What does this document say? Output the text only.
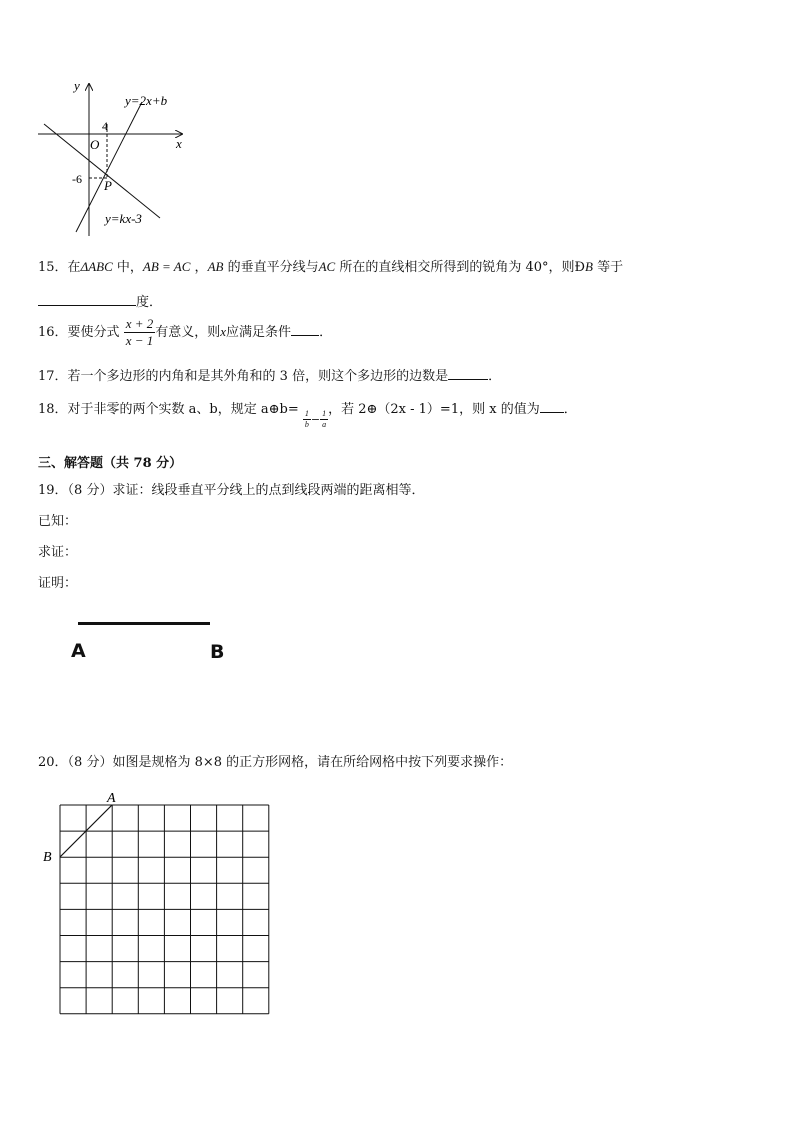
y
x
O
4
-6 P
y=2x+b
y=kx-3
15．在ΔABC 中，AB = AC ，AB 的垂直平分线与AC 所在的直线相交所得到的锐角为 40°，则ÐB 等于
度．
16．要使分式 $\frac{x + 2}{x - 1}$ 有意义，则x应满足条件 ．
17．若一个多边形的内角和是其外角和的 3 倍，则这个多边形的边数是	．
18．对于非零的两个实数 a、b，规定 a⊕b= $\frac{1}{b} _- \frac{1}{a}$ ，若 2⊕（2x - 1）=1，则 x 的值为 ．
三、解答题（共 78 分）
19．（8 分）求证：线段垂直平分线上的点到线段两端的距离相等．
已知：
求证：
证明：
A	B
20．（8 分）如图是规格为 8×8 的正方形网格，请在所给网格中按下列要求操作：
A
B
